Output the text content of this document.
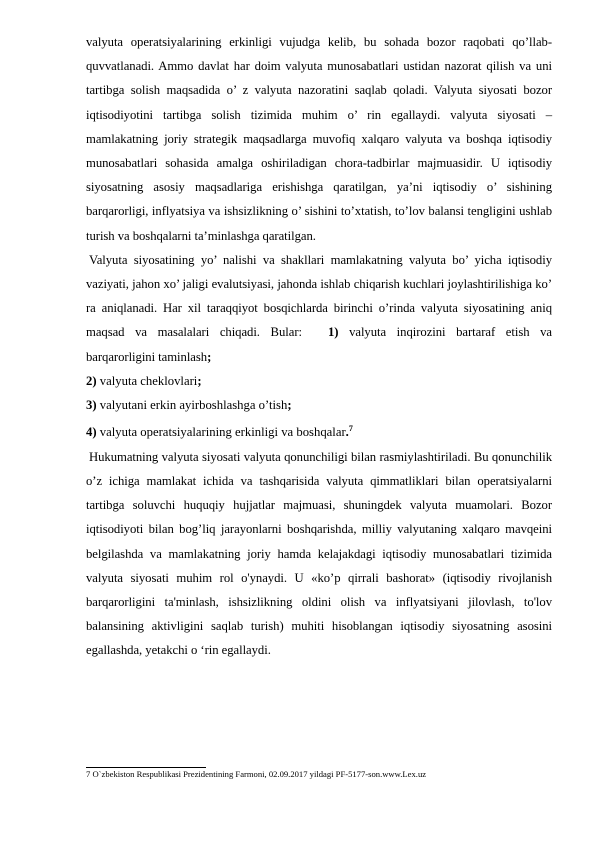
valyuta operatsiyalarining erkinligi vujudga kelib, bu sohada bozor raqobati qo’llab-quvvatlanadi. Ammo davlat har doim valyuta munosabatlari ustidan nazorat qilish va uni tartibga solish maqsadida o’ z valyuta nazoratini saqlab qoladi. Valyuta siyosati bozor iqtisodiyotini tartibga solish tizimida muhim o’ rin egallaydi. valyuta siyosati – mamlakatning joriy strategik maqsadlarga muvofiq xalqaro valyuta va boshqa iqtisodiy munosabatlari sohasida amalga oshiriladigan chora-tadbirlar majmuasidir. U iqtisodiy siyosatning asosiy maqsadlariga erishishga qaratilgan, ya’ni iqtisodiy o’ sishining barqarorligi, inflyatsiya va ishsizlikning o’ sishini to’xtatish, to’lov balansi tengligini ushlab turish va boshqalarni ta’minlashga qaratilgan.

Valyuta siyosatining yo’ nalishi va shakllari mamlakatning valyuta bo’ yicha iqtisodiy vaziyati, jahon xo’ jaligi evalutsiyasi, jahonda ishlab chiqarish kuchlari joylashtirilishiga ko’ ra aniqlanadi. Har xil taraqqiyot bosqichlarda birinchi o’rinda valyuta siyosatining aniq maqsad va masalalari chiqadi. Bular: 1) valyuta inqirozini bartaraf etish va barqarorligini taminlash;

2) valyuta cheklovlari;

3) valyutani erkin ayirboshlashga o’tish;

4) valyuta operatsiyalarining erkinligi va boshqalar.$^7$

Hukumatning valyuta siyosati valyuta qonunchiligi bilan rasmiylashtiriladi. Bu qonunchilik o’z ichiga mamlakat ichida va tashqarisida valyuta qimmatliklari bilan operatsiyalarni tartibga soluvchi huquqiy hujjatlar majmuasi, shuningdek valyuta muamolari. Bozor iqtisodiyoti bilan bog’liq jarayonlarni boshqarishda, milliy valyutaning xalqaro mavqeini belgilashda va mamlakatning joriy hamda kelajakdagi iqtisodiy munosabatlari tizimida valyuta siyosati muhim rol o'ynaydi. U «ko’p qirrali bashorat» (iqtisodiy rivojlanish barqarorligini ta'minlash, ishsizlikning oldini olish va inflyatsiyani jilovlash, to'lov balansining aktivligini saqlab turish) muhiti hisoblangan iqtisodiy siyosatning asosini egallashda, yetakchi o ‘rin egallaydi.

7 O`zbekiston Respublikasi Prezidentining Farmoni, 02.09.2017 yildagi PF-5177-son.www.Lex.uz
